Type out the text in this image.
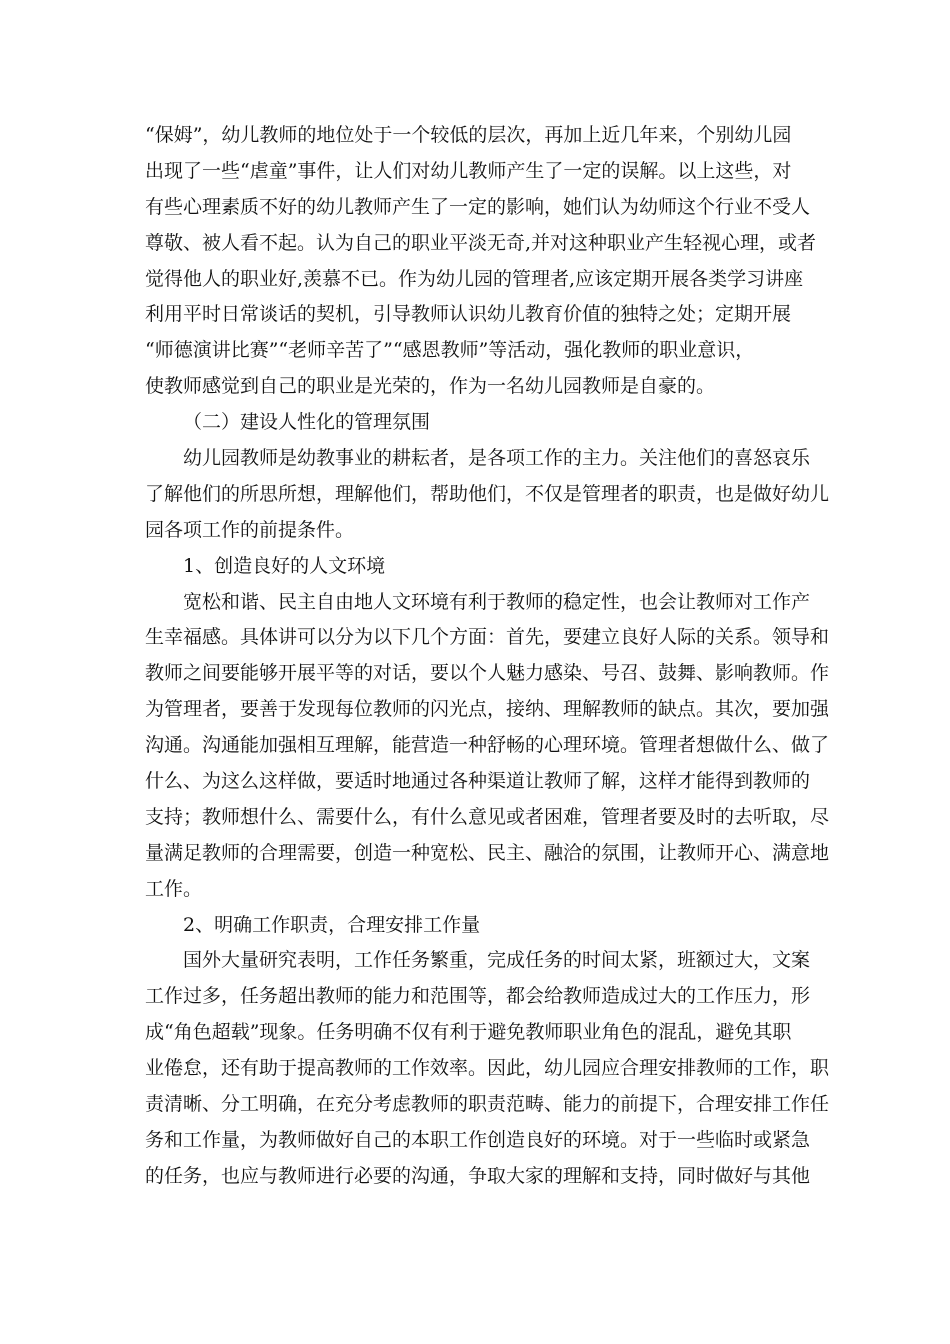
“保姆”，幼儿教师的地位处于一个较低的层次，再加上近几年来，个别幼儿园
出现了一些“虐童”事件，让人们对幼儿教师产生了一定的误解。以上这些，对
有些心理素质不好的幼儿教师产生了一定的影响，她们认为幼师这个行业不受人
尊敬、被人看不起。认为自己的职业平淡无奇,并对这种职业产生轻视心理，或者
觉得他人的职业好,羡慕不已。作为幼儿园的管理者,应该定期开展各类学习讲座
利用平时日常谈话的契机，引导教师认识幼儿教育价值的独特之处；定期开展
“师德演讲比赛”“老师辛苦了”“感恩教师”等活动，强化教师的职业意识，
使教师感觉到自己的职业是光荣的，作为一名幼儿园教师是自豪的。
（二）建设人性化的管理氛围
幼儿园教师是幼教事业的耕耘者，是各项工作的主力。关注他们的喜怒哀乐
了解他们的所思所想，理解他们，帮助他们，不仅是管理者的职责，也是做好幼儿
园各项工作的前提条件。
1、创造良好的人文环境
宽松和谐、民主自由地人文环境有利于教师的稳定性，也会让教师对工作产
生幸福感。具体讲可以分为以下几个方面：首先，要建立良好人际的关系。领导和
教师之间要能够开展平等的对话，要以个人魅力感染、号召、鼓舞、影响教师。作
为管理者，要善于发现每位教师的闪光点，接纳、理解教师的缺点。其次，要加强
沟通。沟通能加强相互理解，能营造一种舒畅的心理环境。管理者想做什么、做了
什么、为这么这样做，要适时地通过各种渠道让教师了解，这样才能得到教师的
支持；教师想什么、需要什么，有什么意见或者困难，管理者要及时的去听取，尽
量满足教师的合理需要，创造一种宽松、民主、融洽的氛围，让教师开心、满意地
工作。
2、明确工作职责，合理安排工作量
国外大量研究表明，工作任务繁重，完成任务的时间太紧，班额过大，文案
工作过多，任务超出教师的能力和范围等，都会给教师造成过大的工作压力，形
成“角色超载”现象。任务明确不仅有利于避免教师职业角色的混乱，避免其职
业倦怠，还有助于提高教师的工作效率。因此，幼儿园应合理安排教师的工作，职
责清晰、分工明确，在充分考虑教师的职责范畴、能力的前提下，合理安排工作任
务和工作量，为教师做好自己的本职工作创造良好的环境。对于一些临时或紧急
的任务，也应与教师进行必要的沟通，争取大家的理解和支持，同时做好与其他
